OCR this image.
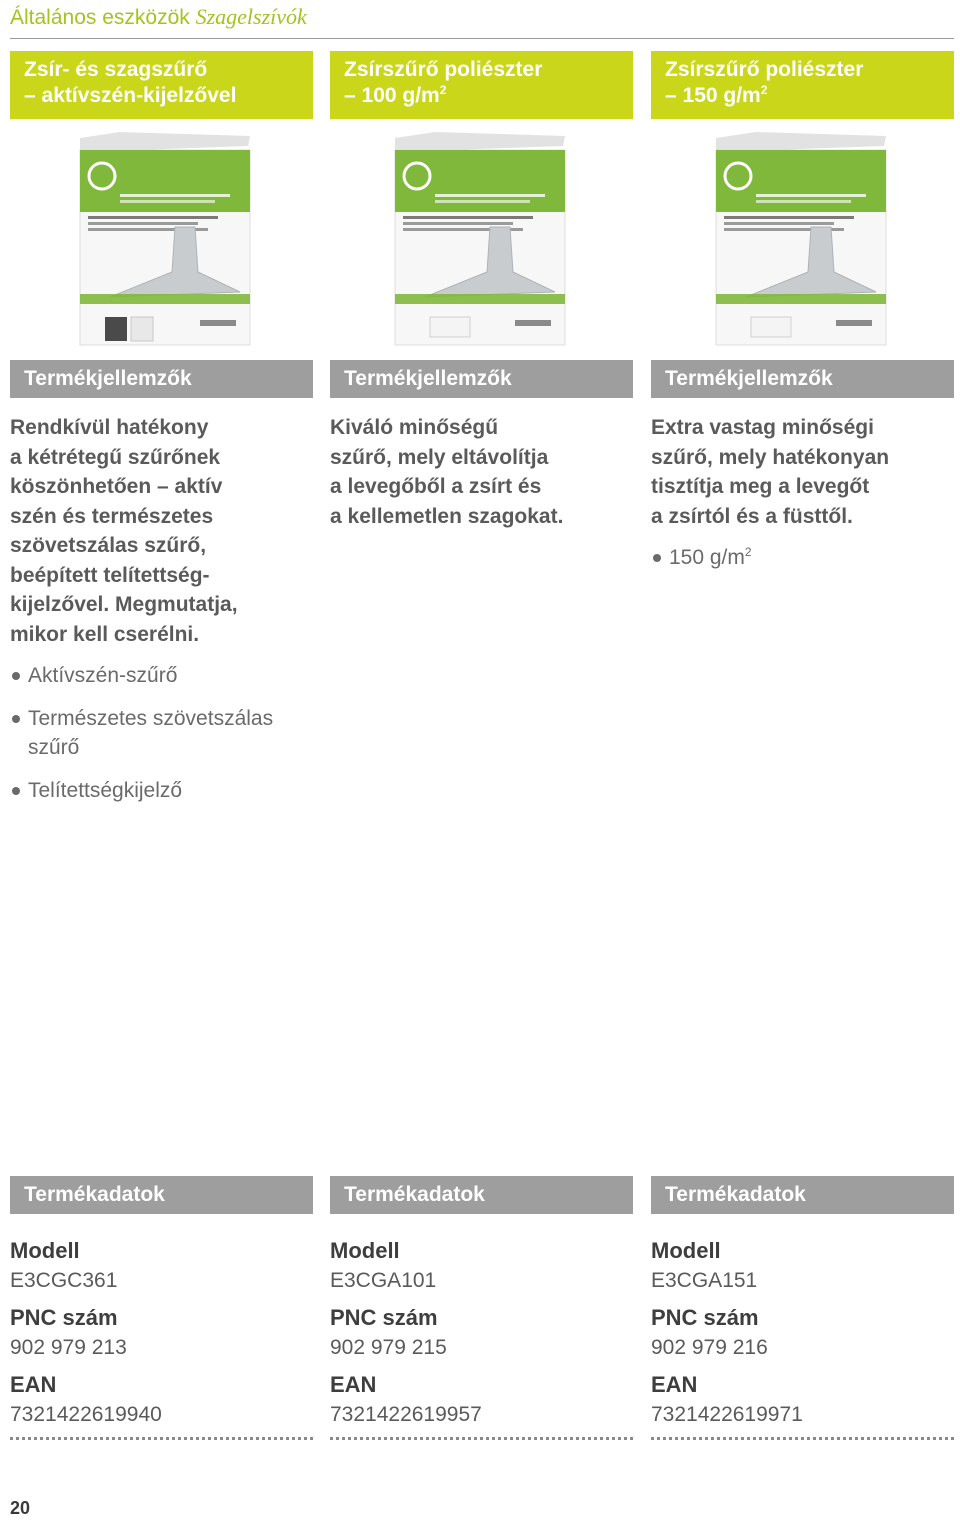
Általános eszközök Szagelszívók
Zsír- és szagszűrő
– aktívszén-kijelzővel
Zsírszűrő poliészter
– 100 $g/m^2$
Zsírszűrő poliészter
– 150 $g/m^2$
Termékjellemzők	Termékjellemzők	Termékjellemzők
Rendkívül hatékony
a kétrétegű szűrőnek
köszönhetően – aktív
szén és természetes
szövetszálas szűrő,
beépített telítettség-
kijelzővel. Megmutatja,
mikor kell cserélni.
Kiváló minőségű
szűrő, mely eltávolítja
a levegőből a zsírt és
a kellemetlen szagokat.
Extra vastag minőségi
szűrő, mely hatékonyan
tisztítja meg a levegőt
a zsírtól és a füsttől.
Aktívszén-szűrő
Természetes szövetszálas szűrő
Telítettségkijelző
150 $g/m^2$
Termékadatok	Termékadatok	Termékadatok
Modell
E3CGC361
PNC szám
902 979 213
EAN
7321422619940
Modell
E3CGA101
PNC szám
902 979 215
EAN
7321422619957
Modell
E3CGA151
PNC szám
902 979 216
EAN
7321422619971
20
